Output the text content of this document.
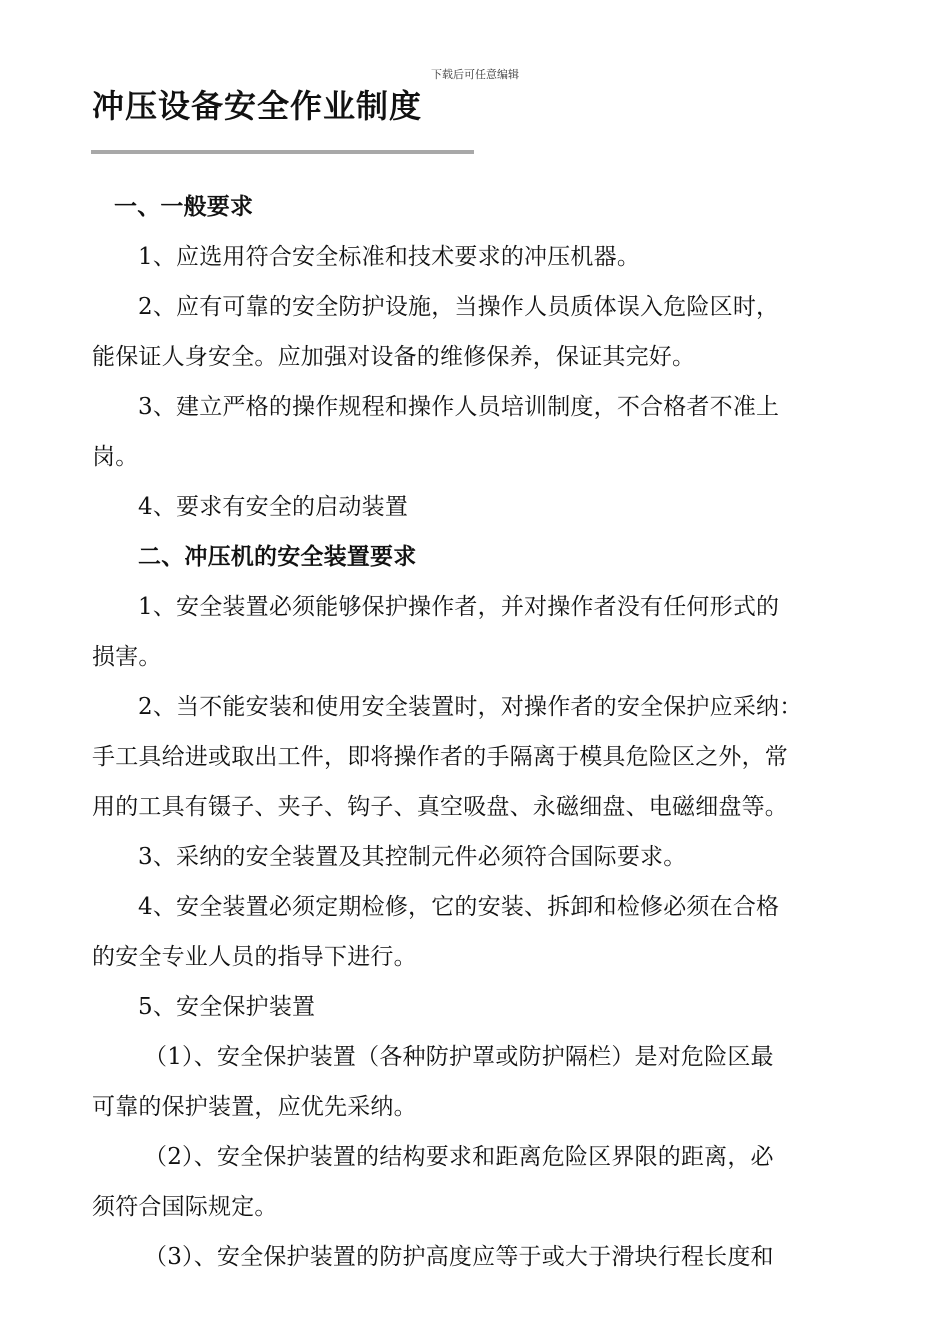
下载后可任意编辑
冲压设备安全作业制度
一、一般要求
1、应选用符合安全标准和技术要求的冲压机器。
2、应有可靠的安全防护设施，当操作人员质体误入危险区时，
能保证人身安全。应加强对设备的维修保养，保证其完好。
3、建立严格的操作规程和操作人员培训制度，不合格者不准上
岗。
4、要求有安全的启动装置
二、冲压机的安全装置要求
1、安全装置必须能够保护操作者，并对操作者没有任何形式的
损害。
2、当不能安装和使用安全装置时，对操作者的安全保护应采纳：
手工具给进或取出工件，即将操作者的手隔离于模具危险区之外，常
用的工具有镊子、夹子、钩子、真空吸盘、永磁细盘、电磁细盘等。
3、采纳的安全装置及其控制元件必须符合国际要求。
4、安全装置必须定期检修，它的安装、拆卸和检修必须在合格
的安全专业人员的指导下进行。
5、安全保护装置
（1）、安全保护装置（各种防护罩或防护隔栏）是对危险区最
可靠的保护装置，应优先采纳。
（2）、安全保护装置的结构要求和距离危险区界限的距离，必
须符合国际规定。
（3）、安全保护装置的防护高度应等于或大于滑块行程长度和
